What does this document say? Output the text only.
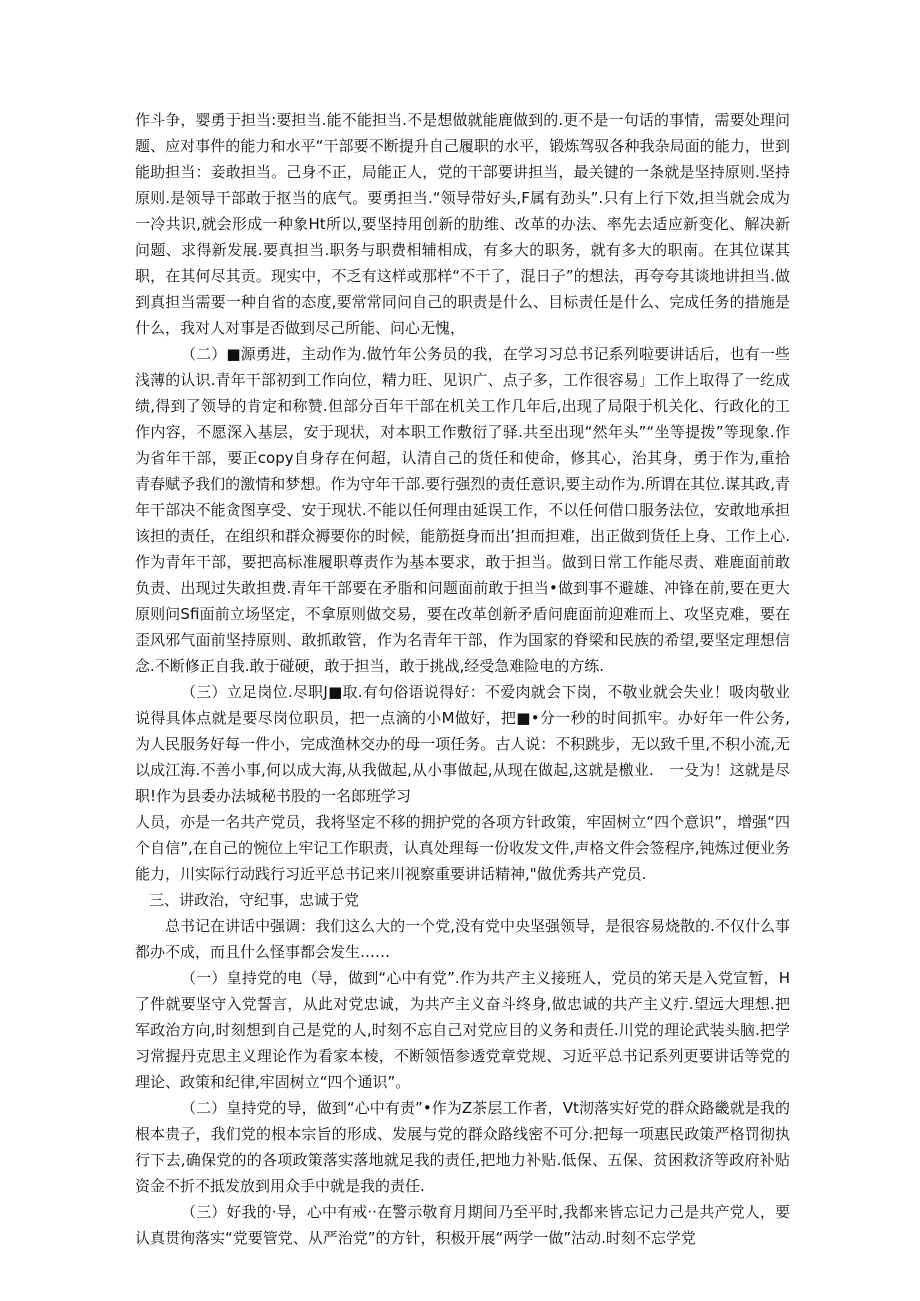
作斗争，婴勇于担当:要担当.能不能担当.不是想做就能鹿做到的.更不是一句话的事情，需要处理问题、应对事件的能力和水平“干部要不断提升自己履职的水平，锻炼驾驭各种我杂局面的能力，世到能助担当：妾敢担当。己身不正，局能正人，党的干部要讲担当，最关键的一条就是坚持原则.坚持原则.是领导干部敢于抠当的底气。要勇担当.“领导带好头,F属有劲头”.只有上行下效,担当就会成为一冷共识,就会形成一种象Ht所以,要坚持用创新的肋维、改革的办法、率先去适应新变化、解决新问题、求得新发展.要真担当.职务与职费相辅相成，有多大的职务，就有多大的职南。在其位谋其职，在其何尽其贡。现实中，不乏有这样或那样“不干了，混日子”的想法，再夸夸其谈地讲担当.做到真担当需要一种自省的态度,要常常同问自己的职责是什么、目标责任是什么、完成任务的措施是什么，我对人对事是否做到尽己所能、问心无愧，

（二）■源勇进，主动作为.做竹年公务员的我，在学习习总书记系列啦要讲话后，也有一些浅薄的认识.青年干部初到工作向位，精力旺、见识广、点子多，工作很容易」工作上取得了一纥成绩,得到了领导的肯定和称赞.但部分百年干部在机关工作几年后,出现了局限于机关化、行政化的工作内容，不愿深入基层，安于现状，对本职工作敷衍了驿.共至出现“然年头”“坐等提拨”等现象.作为省年干部，要正copy自身存在何超，认清自己的货任和使命，修其心，治其身，勇于作为,重拾青春赋予我们的激情和梦想。作为守年干部.要行强烈的责任意识,要主动作为.所谓在其位.谋其政,青年干部决不能贪图享受、安于现状.不能以任何理由延误工作，不以任何借口服务法位，安敢地承担该担的责任，在组织和群众褥要你的时候，能筋挺身而出’担而担难，出正做到货任上身、工作上心.作为青年干部，要把高标准履职尊责作为基本要求，敢于担当。做到日常工作能尽责、难鹿面前敢负责、出现过失敢担费.青年干部要在矛脂和问题面前敢于担当•做到事不避雄、冲锋在前,要在更大原则问Sfi面前立场坚定，不拿原则做交易，要在改革创新矛盾问鹿面前迎难而上、攻坚克难，要在歪风邪气面前坚持原则、敢抓敢管，作为名青年干部，作为国家的脊梁和民族的希望,要坚定理想信念.不断修正自我.敢于碰硬，敢于担当，敢于挑战,经受急难险电的方练.

（三）立足岗位.尽职J■取.有句俗语说得好：不爱肉就会下岗，不敬业就会失业！吸肉敬业说得具体点就是要尽岗位职员，把一点滴的小M做好，把■•分一秒的时间抓牢。办好年一件公务,为人民服务好每一件小，完成渔林交办的母一项任务。古人说：不积跳步，无以致千里,不积小流,无以成江海.不善小事,何以成大海,从我做起,从小事做起,从现在做起,这就是檄业.　一殳为！这就是尽职!作为县委办法城秘书股的一名郎班学习

人员，亦是一名共产党员，我将坚定不移的拥护党的各项方针政策，牢固树立“四个意识”，增强“四个自信”,在自己的惋位上牢记工作职责，认真处理每一份收发文件,声格文件会签程序,钝炼过便业务能力，川实际行动践行习近平总书记来川视察重要讲话精神,"做优秀共产党员.

三、讲政治，守纪事，忠诚于党

总书记在讲话中强调：我们这么大的一个党,没有党中央坚强领导，是很容易烧散的.不仅什么事都办不成，而且什么怪事都会发生……

（一）皇持党的电（导，做到“心中有党”.作为共产主义接班人，党员的笫天是入党宣暂，H了件就要坚守入党誓言，从此对党忠诚，为共产主义奋斗终身,做忠诚的共产主义疔.望远大理想.把军政治方向,时刻想到自己是党的人,时刻不忘自己对党应目的义务和责任.川党的理论武装头脑.把学习常握丹克思主义理论作为看家本棱，不断领悟参透党章党规、习近平总书记系列更要讲话等党的理论、政策和纪律,牢固树立“四个通识”。

（二）皇持党的导，做到“心中有责”•作为Z茶层工作者，Vt沏落实好党的群众路畿就是我的根本贵子，我们党的根本宗旨的形成、发展与党的群众路线密不可分.把每一项惠民政策严格罚彻执行下去,确保党的的各项政策落实落地就足我的责任,把地力补贴.低保、五保、贫困救济等政府补贴资金不折不抵发放到用众手中就是我的责任.

（三）好我的·导，心中有戒··在警示敬育月期间乃至平时,我都来皆忘记力己是共产党人，要认真贯徇落实“党要管党、从严治党”的方针，积极开展“两学一做”沽动.时刻不忘学党
